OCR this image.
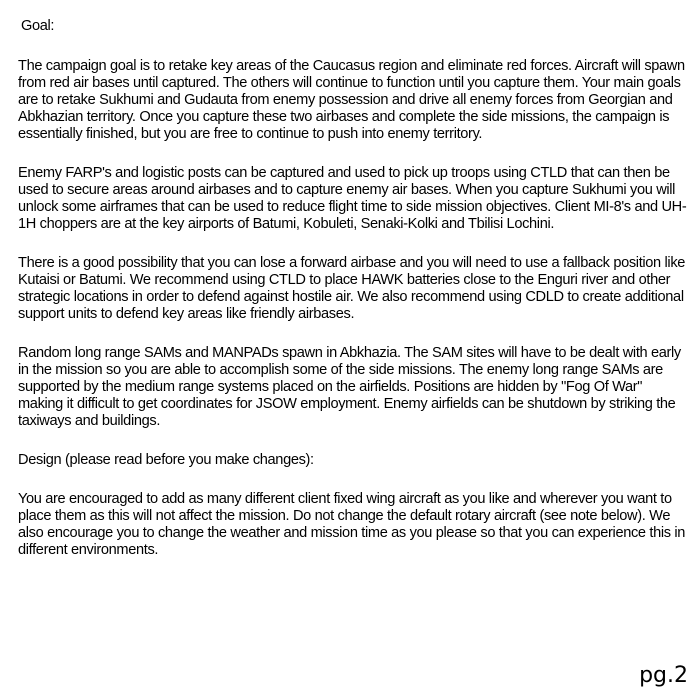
Goal:

The campaign goal is to retake key areas of the Caucasus region and eliminate red forces. Aircraft will spawn from red air bases until captured. The others will continue to function until you capture them. Your main goals are to retake Sukhumi and Gudauta from enemy possession and drive all enemy forces from Georgian and Abkhazian territory. Once you capture these two airbases and complete the side missions, the campaign is essentially finished, but you are free to continue to push into enemy territory.

Enemy FARP's and logistic posts can be captured and used to pick up troops using CTLD that can then be used to secure areas around airbases and to capture enemy air bases. When you capture Sukhumi you will unlock some airframes that can be used to reduce flight time to side mission objectives. Client MI-8's and UH-1H choppers are at the key airports of Batumi, Kobuleti, Senaki-Kolki and Tbilisi Lochini.

There is a good possibility that you can lose a forward airbase and you will need to use a fallback position like Kutaisi or Batumi. We recommend using CTLD to place HAWK batteries close to the Enguri river and other strategic locations in order to defend against hostile air. We also recommend using CDLD to create additional support units to defend key areas like friendly airbases.

Random long range SAMs and MANPADs spawn in Abkhazia. The SAM sites will have to be dealt with early in the mission so you are able to accomplish some of the side missions. The enemy long range SAMs are supported by the medium range systems placed on the airfields. Positions are hidden by "Fog Of War" making it difficult to get coordinates for JSOW employment. Enemy airfields can be shutdown by striking the taxiways and buildings.

Design (please read before you make changes):

You are encouraged to add as many different client fixed wing aircraft as you like and wherever you want to place them as this will not affect the mission. Do not change the default rotary aircraft (see note below). We also encourage you to change the weather and mission time as you please so that you can experience this in different environments.

pg.2
